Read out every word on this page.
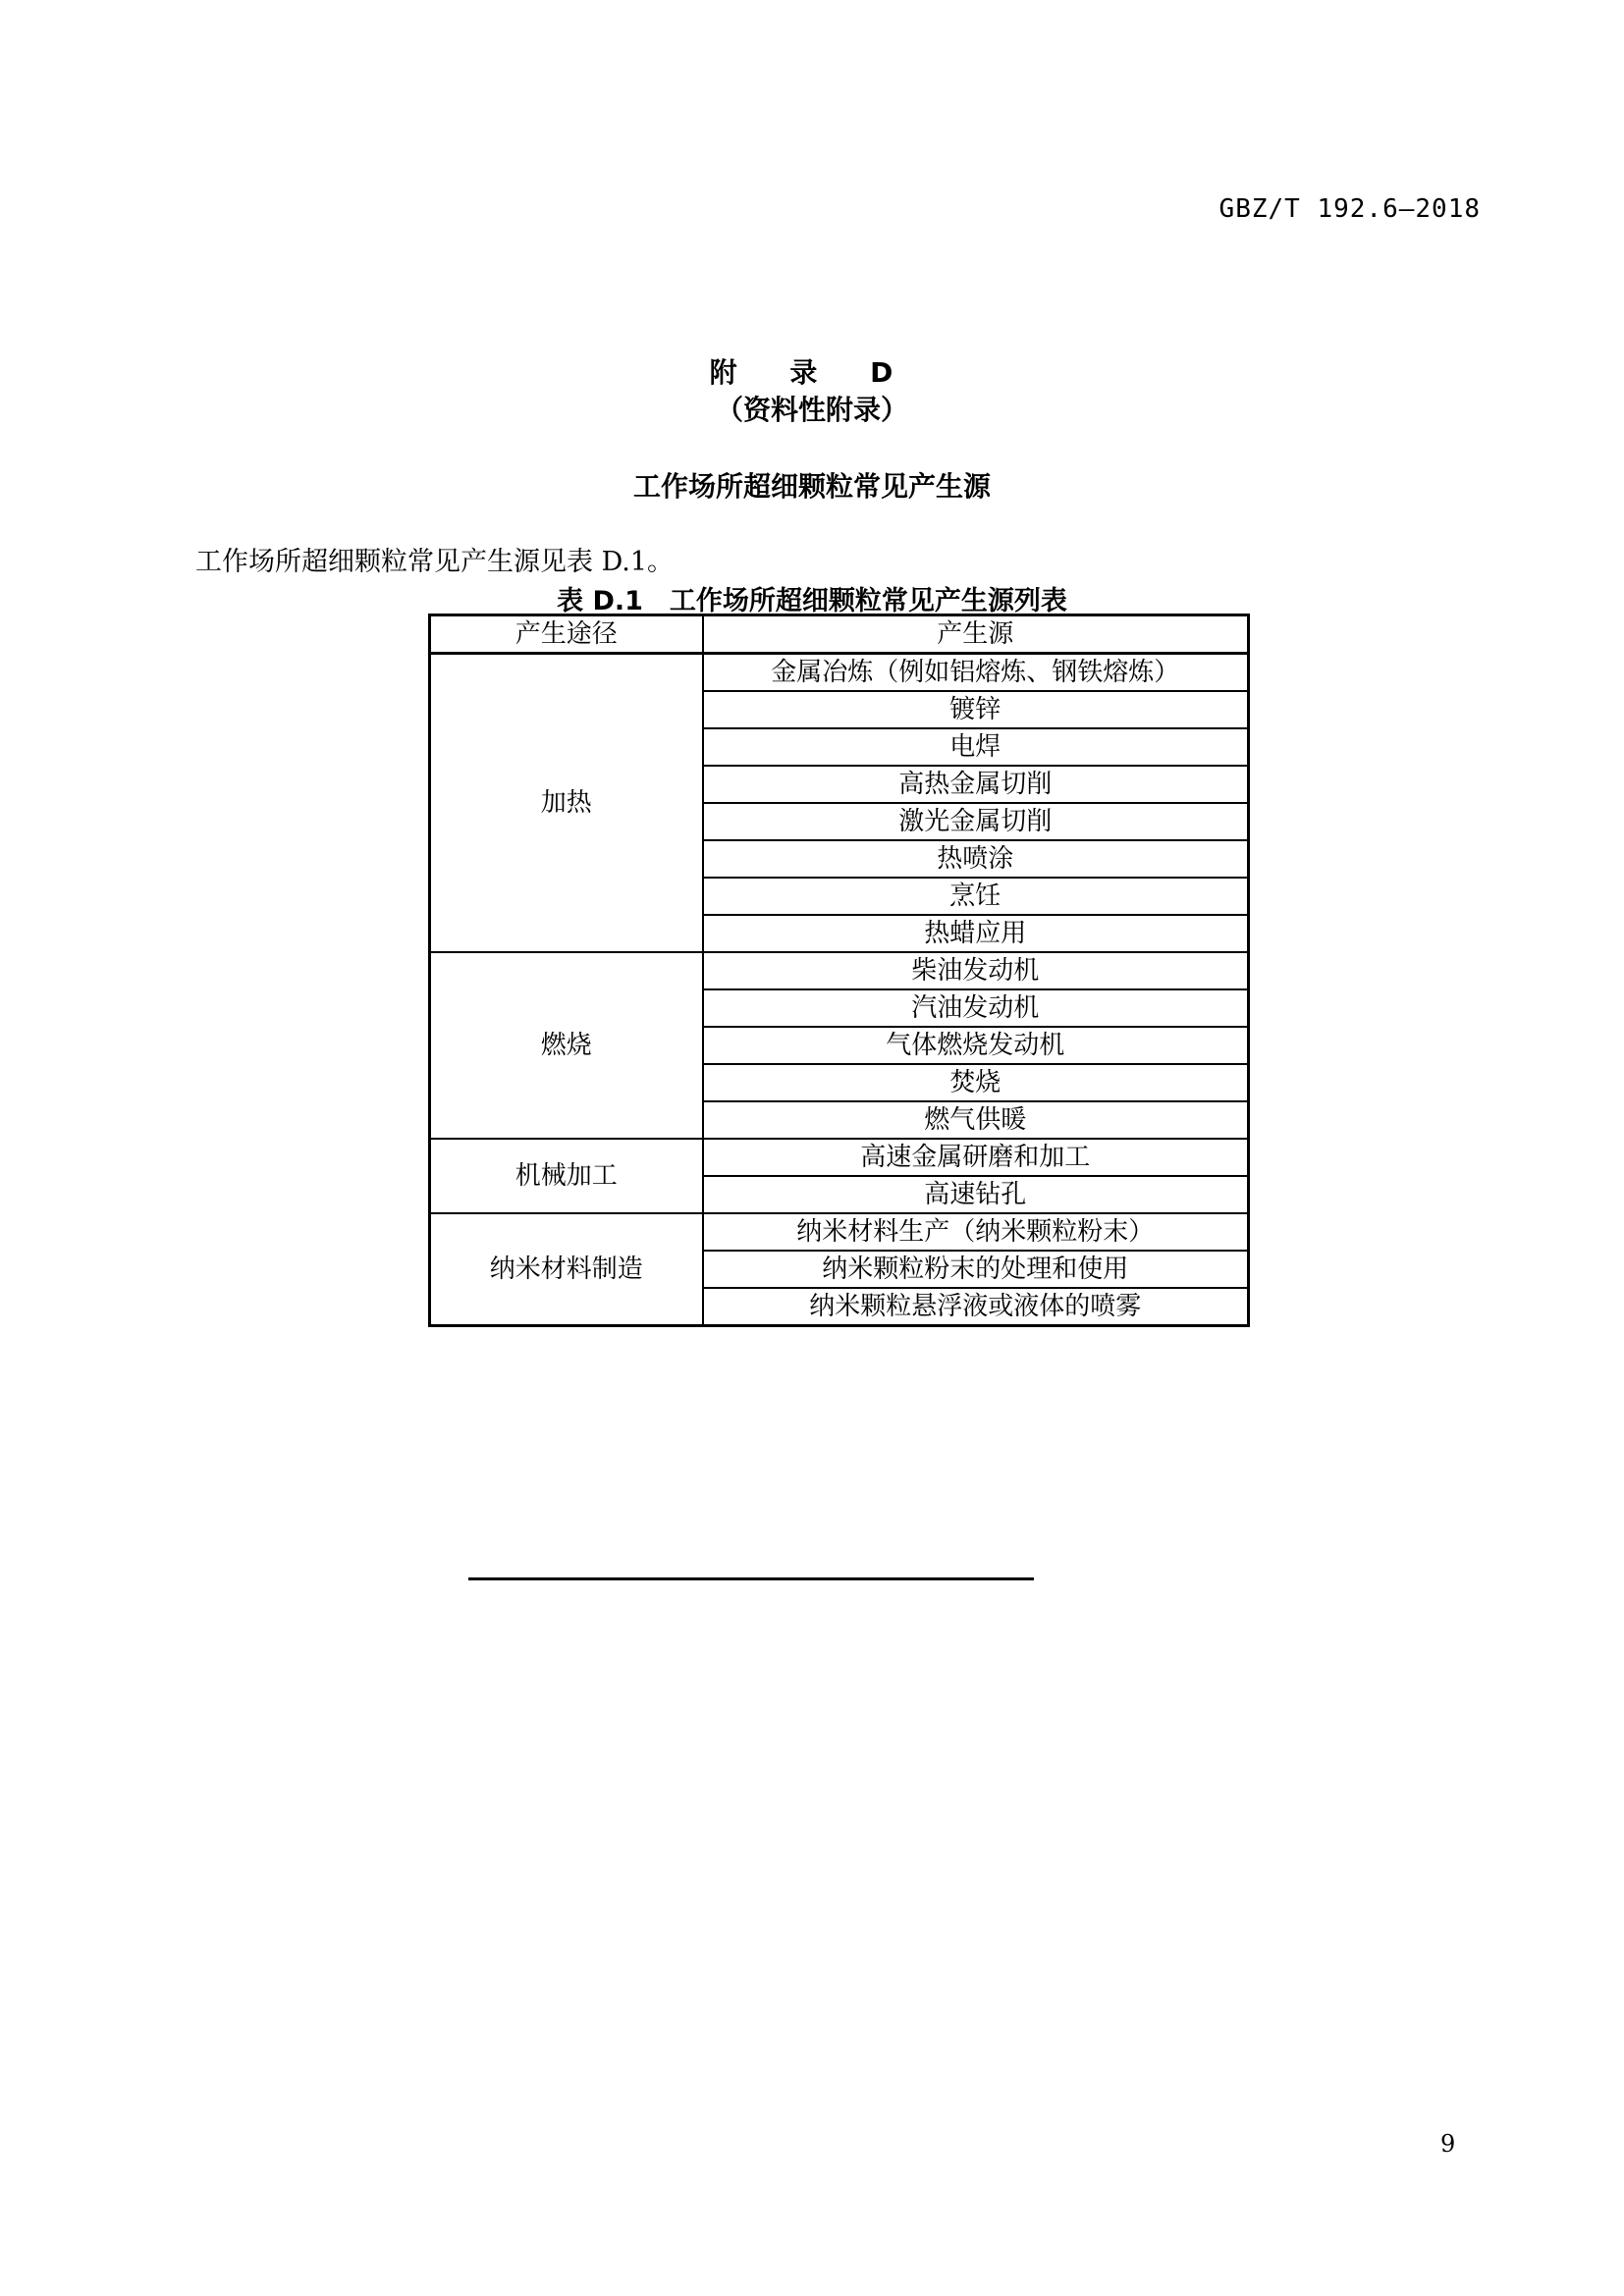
GBZ/T 192.6—2018
附 录 D
（资料性附录）
工作场所超细颗粒常见产生源
工作场所超细颗粒常见产生源见表 D.1。
表 D.1　工作场所超细颗粒常见产生源列表
产生途径	产生源
加热	金属冶炼（例如铝熔炼、钢铁熔炼）
	镀锌
	电焊
	高热金属切削
	激光金属切削
	热喷涂
	烹饪
	热蜡应用
燃烧	柴油发动机
	汽油发动机
	气体燃烧发动机
	焚烧
	燃气供暖
机械加工	高速金属研磨和加工
	高速钻孔
纳米材料制造	纳米材料生产（纳米颗粒粉末）
	纳米颗粒粉末的处理和使用
	纳米颗粒悬浮液或液体的喷雾
9
